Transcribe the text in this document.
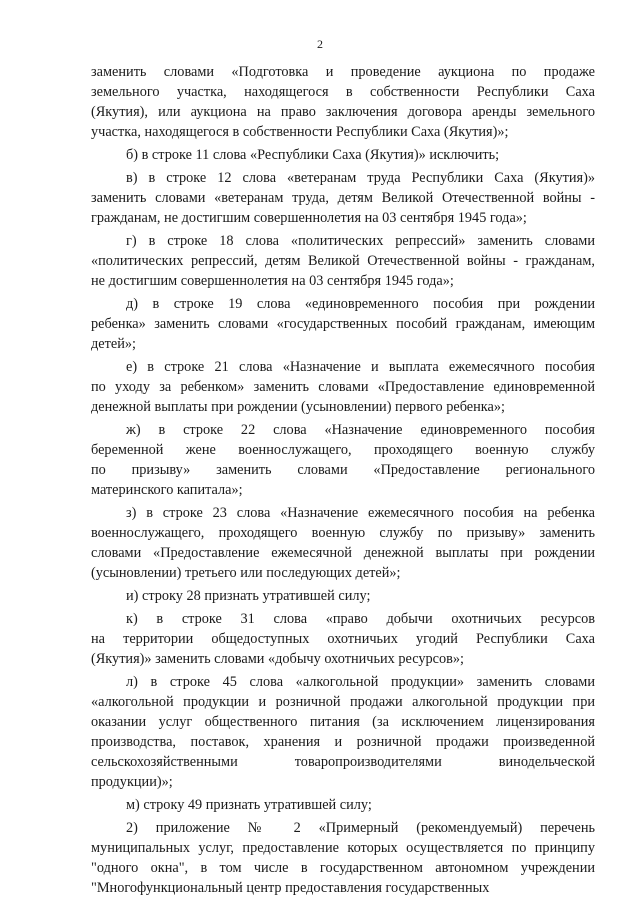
2
заменить словами «Подготовка и проведение аукциона по продаже
земельного участка, находящегося в собственности Республики Саха
(Якутия), или аукциона на право заключения договора аренды земельного
участка, находящегося в собственности Республики Саха (Якутия)»;
б) в строке 11 слова «Республики Саха (Якутия)» исключить;
в) в строке 12 слова «ветеранам труда Республики Саха (Якутия)»
заменить словами «ветеранам труда, детям Великой Отечественной войны -
гражданам, не достигшим совершеннолетия на 03 сентября 1945 года»;
г) в строке 18 слова «политических репрессий» заменить словами
«политических репрессий, детям Великой Отечественной войны - гражданам,
не достигшим совершеннолетия на 03 сентября 1945 года»;
д) в строке 19 слова «единовременного пособия при рождении
ребенка» заменить словами «государственных пособий гражданам, имеющим
детей»;
е) в строке 21 слова «Назначение и выплата ежемесячного пособия
по уходу за ребенком» заменить словами «Предоставление единовременной
денежной выплаты при рождении (усыновлении) первого ребенка»;
ж) в строке 22 слова «Назначение единовременного пособия
беременной жене военнослужащего, проходящего военную службу
по призыву» заменить словами «Предоставление регионального
материнского капитала»;
з) в строке 23 слова «Назначение ежемесячного пособия на ребенка
военнослужащего, проходящего военную службу по призыву» заменить
словами «Предоставление ежемесячной денежной выплаты при рождении
(усыновлении) третьего или последующих детей»;
и) строку 28 признать утратившей силу;
к) в строке 31 слова «право добычи охотничьих ресурсов
на территории общедоступных охотничьих угодий Республики Саха
(Якутия)» заменить словами «добычу охотничьих ресурсов»;
л) в строке 45 слова «алкогольной продукции» заменить словами
«алкогольной продукции и розничной продажи алкогольной продукции при
оказании услуг общественного питания (за исключением лицензирования
производства, поставок, хранения и розничной продажи произведенной
сельскохозяйственными товаропроизводителями винодельческой
продукции)»;
м) строку 49 признать утратившей силу;
2) приложение № 2 «Примерный (рекомендуемый) перечень
муниципальных услуг, предоставление которых осуществляется по принципу
"одного окна", в том числе в государственном автономном учреждении
"Многофункциональный центр предоставления государственных
